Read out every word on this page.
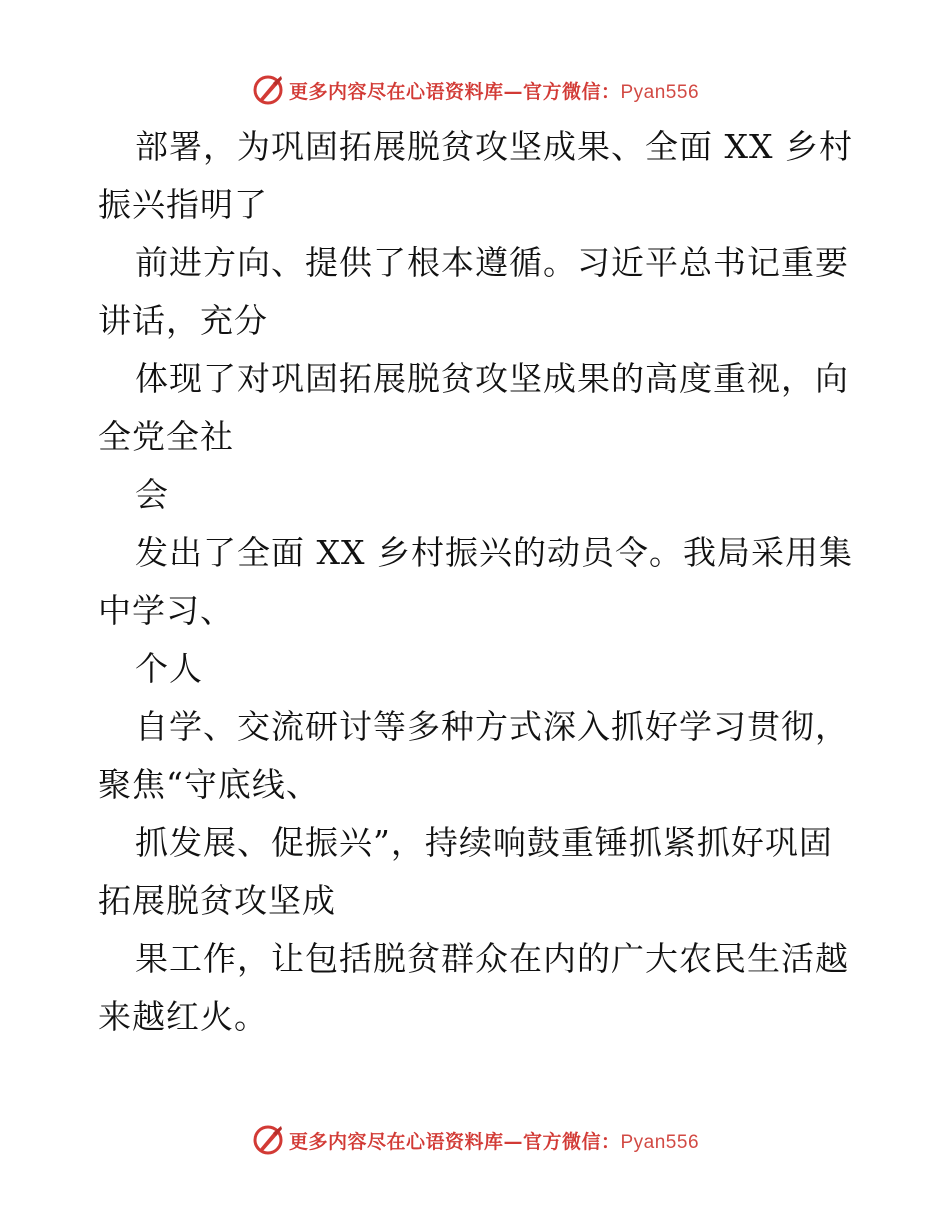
更多内容尽在心语资料库—官方微信：Pyan556
部署，为巩固拓展脱贫攻坚成果、全面 XX 乡村
振兴指明了
前进方向、提供了根本遵循。习近平总书记重要
讲话，充分
体现了对巩固拓展脱贫攻坚成果的高度重视，向
全党全社
会
发出了全面 XX 乡村振兴的动员令。我局采用集
中学习、
个人
自学、交流研讨等多种方式深入抓好学习贯彻，
聚焦“守底线、
抓发展、促振兴”，持续响鼓重锤抓紧抓好巩固
拓展脱贫攻坚成
果工作，让包括脱贫群众在内的广大农民生活越
来越红火。
更多内容尽在心语资料库—官方微信：Pyan556
